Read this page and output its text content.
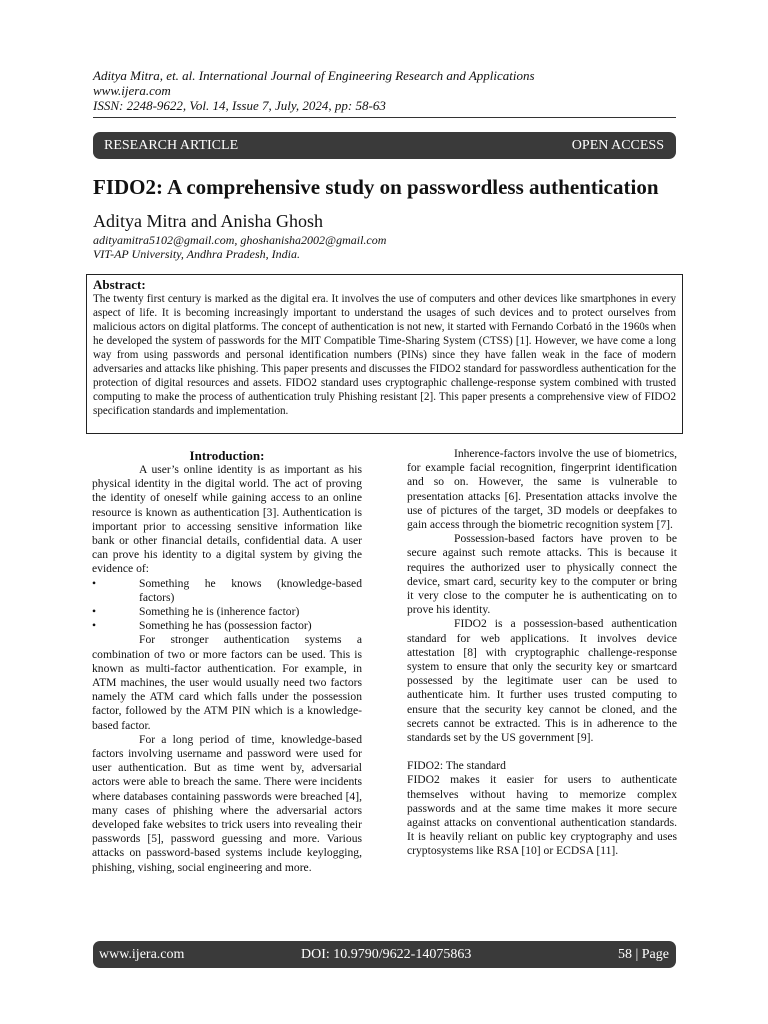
Aditya Mitra, et. al. International Journal of Engineering Research and Applications
www.ijera.com
ISSN: 2248-9622, Vol. 14, Issue 7, July, 2024, pp: 58-63
RESEARCH ARTICLE	OPEN ACCESS
FIDO2: A comprehensive study on passwordless authentication
Aditya Mitra and Anisha Ghosh
adityamitra5102@gmail.com, ghoshanisha2002@gmail.com
VIT-AP University, Andhra Pradesh, India.
Abstract:
The twenty first century is marked as the digital era. It involves the use of computers and other devices like smartphones in every aspect of life. It is becoming increasingly important to understand the usages of such devices and to protect ourselves from malicious actors on digital platforms. The concept of authentication is not new, it started with Fernando Corbató in the 1960s when he developed the system of passwords for the MIT Compatible Time-Sharing System (CTSS) [1]. However, we have come a long way from using passwords and personal identification numbers (PINs) since they have fallen weak in the face of modern adversaries and attacks like phishing. This paper presents and discusses the FIDO2 standard for passwordless authentication for the protection of digital resources and assets. FIDO2 standard uses cryptographic challenge-response system combined with trusted computing to make the process of authentication truly Phishing resistant [2]. This paper presents a comprehensive view of FIDO2 specification standards and implementation.

Introduction:

A user’s online identity is as important as his physical identity in the digital world. The act of proving the identity of oneself while gaining access to an online resource is known as authentication [3]. Authentication is important prior to accessing sensitive information like bank or other financial details, confidential data. A user can prove his identity to a digital system by giving the evidence of:

•	Something he knows (knowledge-based factors)
•	Something he is (inherence factor)
•	Something he has (possession factor)

For stronger authentication systems a combination of two or more factors can be used. This is known as multi-factor authentication. For example, in ATM machines, the user would usually need two factors namely the ATM card which falls under the possession factor, followed by the ATM PIN which is a knowledge-based factor.

For a long period of time, knowledge-based factors involving username and password were used for user authentication. But as time went by, adversarial actors were able to breach the same. There were incidents where databases containing passwords were breached [4], many cases of phishing where the adversarial actors developed fake websites to trick users into revealing their passwords [5], password guessing and more. Various attacks on password-based systems include keylogging, phishing, vishing, social engineering and more.

Inherence-factors involve the use of biometrics, for example facial recognition, fingerprint identification and so on. However, the same is vulnerable to presentation attacks [6]. Presentation attacks involve the use of pictures of the target, 3D models or deepfakes to gain access through the biometric recognition system [7].

Possession-based factors have proven to be secure against such remote attacks. This is because it requires the authorized user to physically connect the device, smart card, security key to the computer or bring it very close to the computer he is authenticating on to prove his identity.

FIDO2 is a possession-based authentication standard for web applications. It involves device attestation [8] with cryptographic challenge-response system to ensure that only the security key or smartcard possessed by the legitimate user can be used to authenticate him. It further uses trusted computing to ensure that the security key cannot be cloned, and the secrets cannot be extracted. This is in adherence to the standards set by the US government [9].

FIDO2: The standard

FIDO2 makes it easier for users to authenticate themselves without having to memorize complex passwords and at the same time makes it more secure against attacks on conventional authentication standards. It is heavily reliant on public key cryptography and uses cryptosystems like RSA [10] or ECDSA [11].

www.ijera.com	DOI: 10.9790/9622-14075863	58 | Page
